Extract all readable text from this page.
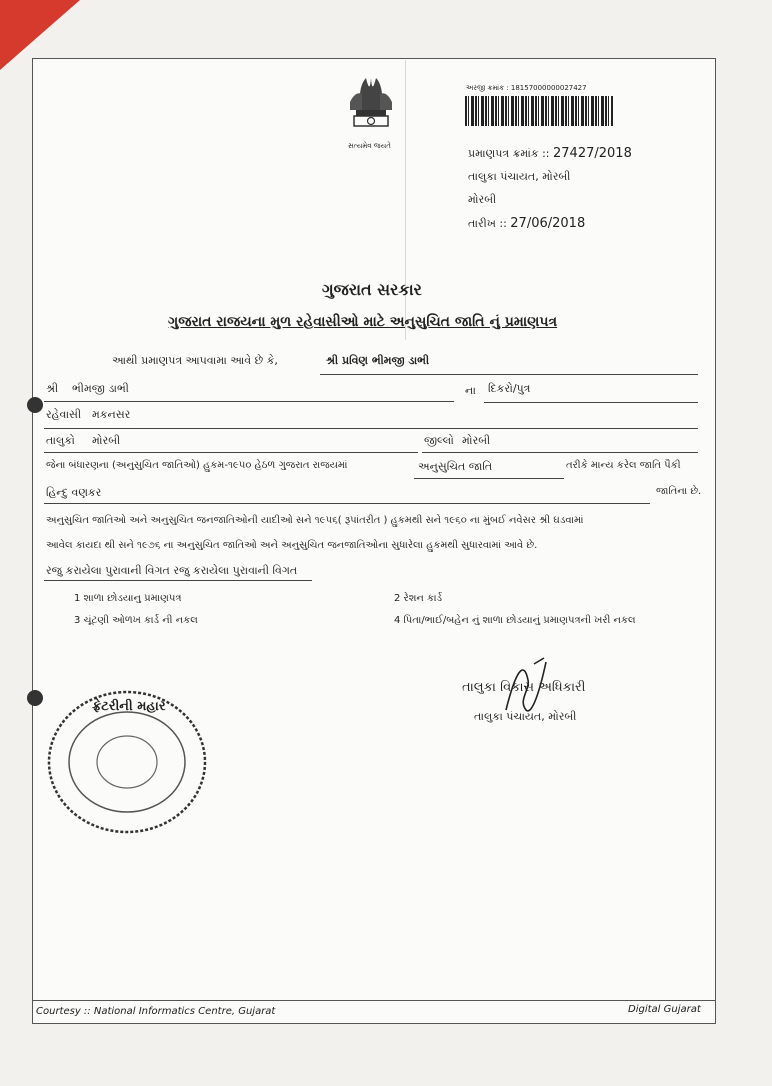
સત્યમેવ જયતે
અરજી ક્રમાંક : 18157000000027427
પ્રમાણપત્ર ક્રમાંક :: 27427/2018
તાલુકા પંચાયત, મોરબી
મોરબી
તારીખ :: 27/06/2018
ગુજરાત સરકાર
ગુજરાત રાજયના મુળ રહેવાસીઓ માટે અનુસુચિત જાતિ નું પ્રમાણપત્ર
આથી પ્રમાણપત્ર આપવામા આવે છે કે,	શ્રી પ્રવિણ ભીમજી ડાભી
શ્રી ભીમજી ડાભી	ના દિકરો/પુત્ર
રહેવાસી મકનસર
તાલુકો મોરબી	જીલ્લો મોરબી
જેના બંધારણના (અનુસુચિત જાતિઓ) હુકમ-૧૯૫૦ હેઠળ ગુજરાત રાજયમાં	અનુસુચિત જાતિ	તરીકે માન્ય કરેલ જાતિ પૈકી
હિન્દુ વણકર	જાતિના છે.
અનુસુચિત જાતિઓ અને અનુસુચિત જનજાતિઓની યાદીઓ સને ૧૯૫૬( રૂપાંતરીત ) હુકમથી સને ૧૯૬૦ ના મુંબઈ નવેસર શ્રી ઘડવામાં
આવેલ કાયદા થી સને ૧૯૭૬ ના અનુસુચિત જાતિઓ અને અનુસુચિત જનજાતિઓના સુધારેલા હુકમથી સુધારવામાં આવે છે.
રજુ કરાયેલા પુરાવાની વિગત રજુ કરાયેલા પુરાવાની વિગત
1 શાળા છોડયાનુ પ્રમાણપત્ર	2 રેશન કાર્ડ
3 ચૂંટણી ઓળખ કાર્ડ ની નકલ	4 પિતા/ભાઈ/બહેન નું શાળા છોડયાનું પ્રમાણપત્રની ખરી નકલ
તાલુકા વિકાસ અધિકારી
તાલુકા પંચાયત, મોરબી
ફ્રેટરીની મહાર
Courtesy :: National Informatics Centre, Gujarat	Digital Gujarat
